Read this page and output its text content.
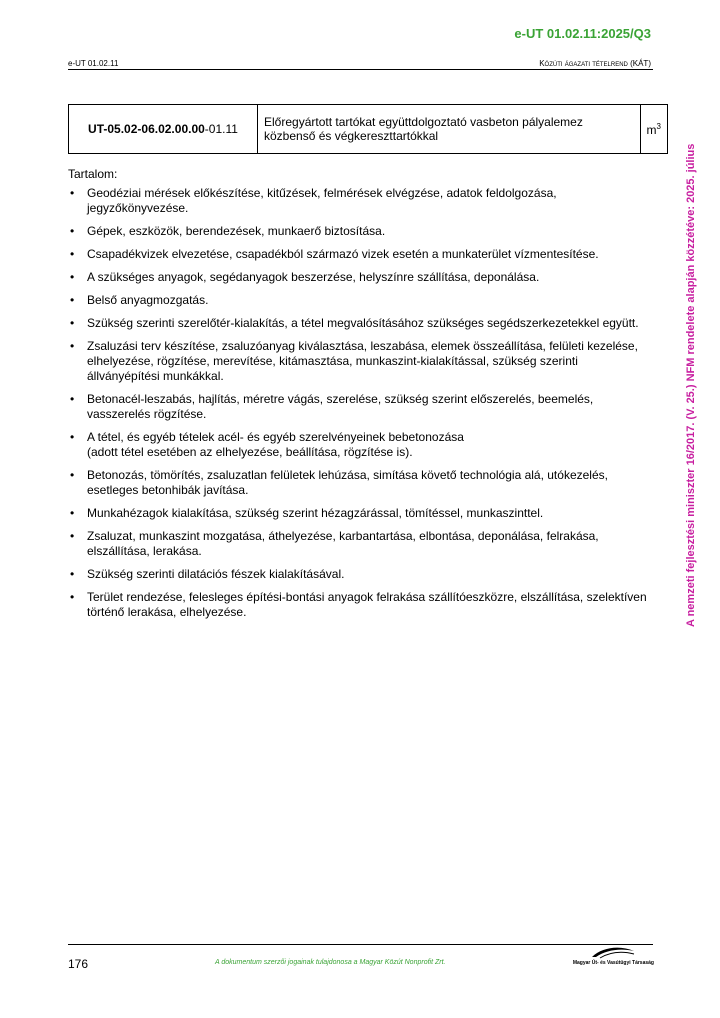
e-UT 01.02.11:2025/Q3
e-UT 01.02.11	Közúti ágazati tételrend (KÁT)
UT-05.02-06.02.00.00-01.11	Előregyártott tartókat együttdolgoztató vasbeton pályalemez közbenső és végkereszttartókkal	$m^3$

Tartalom:

• Geodéziai mérések előkészítése, kitűzések, felmérések elvégzése, adatok feldolgozása, jegyzőkönyvezése.
• Gépek, eszközök, berendezések, munkaerő biztosítása.
• Csapadékvizek elvezetése, csapadékból származó vizek esetén a munkaterület vízmentesítése.
• A szükséges anyagok, segédanyagok beszerzése, helyszínre szállítása, deponálása.
• Belső anyagmozgatás.
• Szükség szerinti szerelőtér-kialakítás, a tétel megvalósításához szükséges segédszerkezetekkel együtt.
• Zsaluzási terv készítése, zsaluzóanyag kiválasztása, leszabása, elemek összeállítása, felületi kezelése, elhelyezése, rögzítése, merevítése, kitámasztása, munkaszint-kialakítással, szükség szerinti állványépítési munkákkal.
• Betonacél-leszabás, hajlítás, méretre vágás, szerelése, szükség szerint előszerelés, beemelés, vasszerelés rögzítése.
• A tétel, és egyéb tételek acél- és egyéb szerelvényeinek bebetonozása
(adott tétel esetében az elhelyezése, beállítása, rögzítése is).
• Betonozás, tömörítés, zsaluzatlan felületek lehúzása, simítása követő technológia alá, utókezelés, esetleges betonhibák javítása.
• Munkahézagok kialakítása, szükség szerint hézagzárással, tömítéssel, munkaszinttel.
• Zsaluzat, munkaszint mozgatása, áthelyezése, karbantartása, elbontása, deponálása, felrakása, elszállítása, lerakása.
• Szükség szerinti dilatációs fészek kialakításával.
• Terület rendezése, felesleges építési-bontási anyagok felrakása szállítóeszközre, elszállítása, szelektíven történő lerakása, elhelyezése.	A nemzeti fejlesztési miniszter 16/2017. (V. 25.) NFM rendelete alapján közzétéve: 2025. július
176	A dokumentum szerzői jogainak tulajdonosa a Magyar Közút Nonprofit Zrt.	Magyar Út- és Vasútügyi Társaság
